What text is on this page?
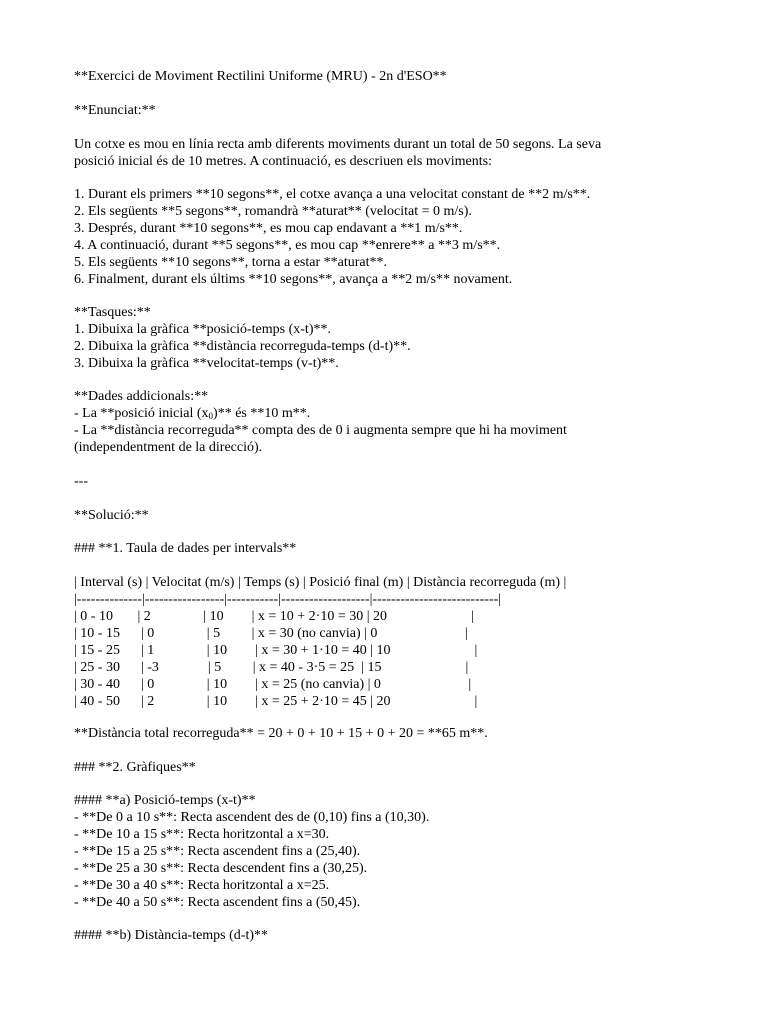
**Exercici de Moviment Rectilini Uniforme (MRU) - 2n d'ESO**

**Enunciat:**

Un cotxe es mou en línia recta amb diferents moviments durant un total de 50 segons. La seva

posició inicial és de 10 metres. A continuació, es descriuen els moviments:

1. Durant els primers **10 segons**, el cotxe avança a una velocitat constant de **2 m/s**.

2. Els següents **5 segons**, romandrà **aturat** (velocitat = 0 m/s).

3. Després, durant **10 segons**, es mou cap endavant a **1 m/s**.

4. A continuació, durant **5 segons**, es mou cap **enrere** a **3 m/s**.

5. Els següents **10 segons**, torna a estar **aturat**.

6. Finalment, durant els últims **10 segons**, avança a **2 m/s** novament.

**Tasques:**

1. Dibuixa la gràfica **posició-temps (x-t)**.

2. Dibuixa la gràfica **distància recorreguda-temps (d-t)**.

3. Dibuixa la gràfica **velocitat-temps (v-t)**.

**Dades addicionals:**

- La **posició inicial $(x_0)**$ és **10 m**.

- La **distància recorreguda** compta des de 0 i augmenta sempre que hi ha moviment

(independentment de la direcció).

---

**Solució:**

### **1. Taula de dades per intervals**

| Interval (s) | Velocitat (m/s) | Temps (s) | Posició final (m) | Distància recorreguda (m) |

|--------------|-----------------|-----------|-------------------|---------------------------|

| 0 - 10       | 2               | 10        | x = 10 + 2·10 = 30 | 20                        |

| 10 - 15      | 0               | 5         | x = 30 (no canvia) | 0                         |

| 15 - 25      | 1               | 10        | x = 30 + 1·10 = 40 | 10                        |

| 25 - 30      | -3              | 5         | x = 40 - 3·5 = 25  | 15                        |

| 30 - 40      | 0               | 10        | x = 25 (no canvia) | 0                         |

| 40 - 50      | 2               | 10        | x = 25 + 2·10 = 45 | 20                        |

**Distància total recorreguda** = 20 + 0 + 10 + 15 + 0 + 20 = **65 m**.

### **2. Gràfiques**

#### **a) Posició-temps (x-t)**

- **De 0 a 10 s**: Recta ascendent des de (0,10) fins a (10,30).

- **De 10 a 15 s**: Recta horitzontal a x=30.

- **De 15 a 25 s**: Recta ascendent fins a (25,40).

- **De 25 a 30 s**: Recta descendent fins a (30,25).

- **De 30 a 40 s**: Recta horitzontal a x=25.

- **De 40 a 50 s**: Recta ascendent fins a (50,45).

#### **b) Distància-temps (d-t)**
